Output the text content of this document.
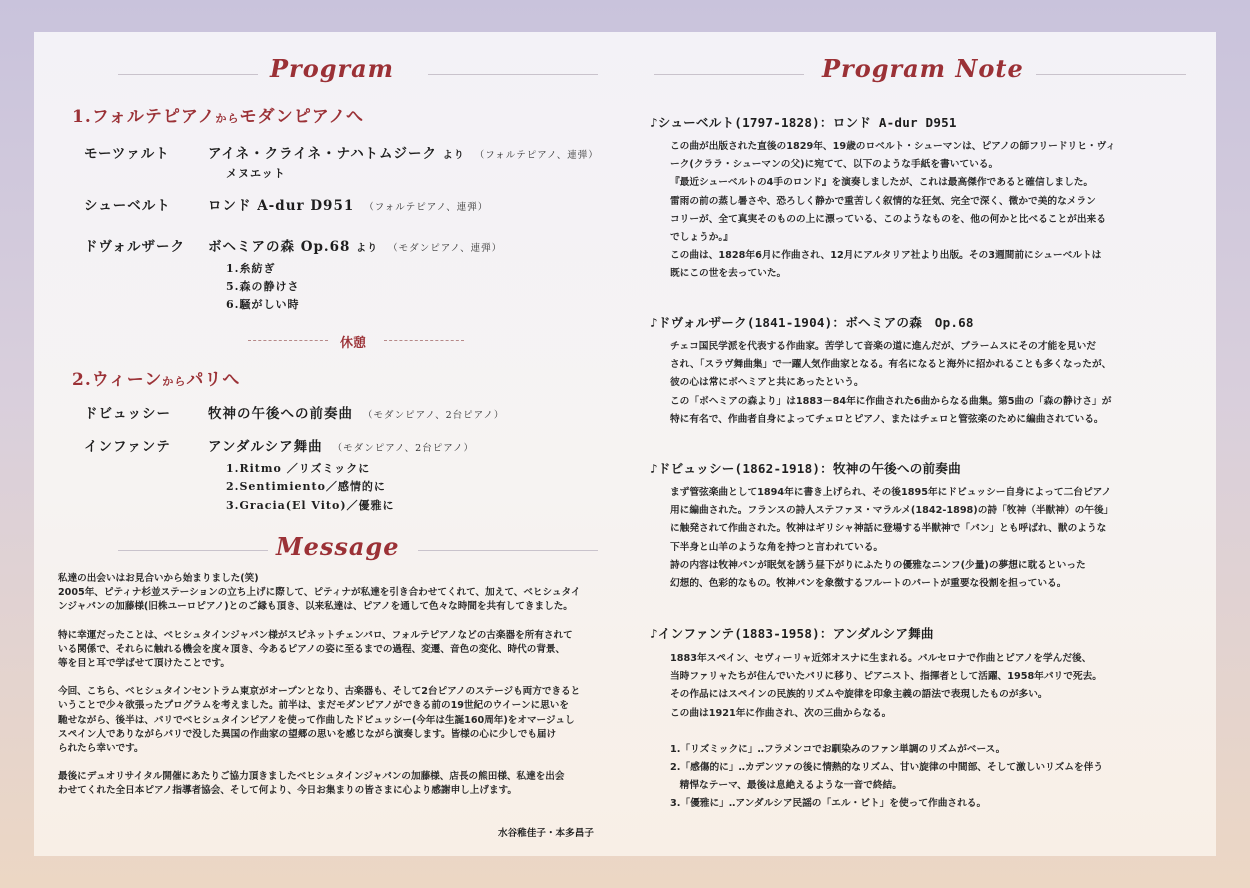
Program
1.フォルテピアノからモダンピアノへ
モーツァルト	アイネ・クライネ・ナハトムジーク より （フォルテピアノ、連弾）
メヌエット
シューベルト	ロンド A-dur D951 （フォルテピアノ、連弾）
ドヴォルザーク ボヘミアの森 Op.68 より （モダンピアノ、連弾）
1.糸紡ぎ
5.森の静けさ
6.騒がしい時
休憩
2.ウィーンからパリへ
ドビュッシー	牧神の午後への前奏曲 （モダンピアノ、2台ピアノ）
インファンテ	アンダルシア舞曲 （モダンピアノ、2台ピアノ）
1.Ritmo ／リズミックに
2.Sentimiento／感情的に
3.Gracia(El Vito)／優雅に
Message

私達の出会いはお見合いから始まりました(笑)
2005年、ピティナ杉並ステーションの立ち上げに際して、ピティナが私達を引き合わせてくれて、加えて、ベヒシュタイ
ンジャパンの加藤様(旧株ユーロピアノ)とのご縁も頂き、以来私達は、ピアノを通して色々な時間を共有してきました。

特に幸運だったことは、ベヒシュタインジャパン様がスピネットチェンバロ、フォルテピアノなどの古楽器を所有されて
いる関係で、それらに触れる機会を度々頂き、今あるピアノの姿に至るまでの過程、変遷、音色の変化、時代の背景、
等を目と耳で学ばせて頂けたことです。

今回、こちら、ベヒシュタインセントラム東京がオープンとなり、古楽器も、そして2台ピアノのステージも両方できると
いうことで少々欲張ったプログラムを考えました。前半は、まだモダンピアノができる前の19世紀のウイーンに思いを
馳せながら、後半は、パリでベヒシュタインピアノを使って作曲したドビュッシー(今年は生誕160周年)をオマージュし
スペイン人でありながらパリで没した異国の作曲家の望郷の思いを感じながら演奏します。皆様の心に少しでも届け
られたら幸いです。

最後にデュオリサイタル開催にあたりご協力頂きましたベヒシュタインジャパンの加藤様、店長の熊田様、私達を出会
わせてくれた全日本ピアノ指導者協会、そして何より、今日お集まりの皆さまに心より感謝申し上げます。

水谷稚佳子・本多昌子
Program Note
♪シューベルト(1797-1828)：ロンド A-dur D951
この曲が出版された直後の1829年、19歳のロベルト・シューマンは、ピアノの師フリードリヒ・ヴィ
ーク(クララ・シューマンの父)に宛てて、以下のような手紙を書いている。
『最近シューベルトの4手のロンド』を演奏しましたが、これは最高傑作であると確信しました。
雷雨の前の蒸し暑さや、恐ろしく静かで重苦しく叙情的な狂気、完全で深く、微かで美的なメラン
コリーが、全て真実そのものの上に漂っている、このようなものを、他の何かと比べることが出来る
でしょうか。』
この曲は、1828年6月に作曲され、12月にアルタリア社より出版。その3週間前にシューベルトは
既にこの世を去っていた。
♪ドヴォルザーク(1841-1904)：ボヘミアの森　Op.68
チェコ国民学派を代表する作曲家。苦学して音楽の道に進んだが、ブラームスにその才能を見いだ
され、「スラヴ舞曲集」で一躍人気作曲家となる。有名になると海外に招かれることも多くなったが、
彼の心は常にボヘミアと共にあったという。
この「ボヘミアの森より」は1883－84年に作曲された6曲からなる曲集。第5曲の「森の静けさ」が
特に有名で、作曲者自身によってチェロとピアノ、またはチェロと管弦楽のために編曲されている。
♪ドビュッシー(1862-1918)：牧神の午後への前奏曲
まず管弦楽曲として1894年に書き上げられ、その後1895年にドビュッシー自身によって二台ピアノ
用に編曲された。フランスの詩人ステファヌ・マラルメ(1842-1898)の詩「牧神（半獣神）の午後」
に触発されて作曲された。牧神はギリシャ神話に登場する半獣神で「パン」とも呼ばれ、獣のような
下半身と山羊のような角を持つと言われている。
詩の内容は牧神パンが眠気を誘う昼下がりにふたりの優雅なニンフ(少量)の夢想に耽るといった
幻想的、色彩的なもの。牧神パンを象徴するフルートのパートが重要な役割を担っている。
♪インファンテ(1883-1958)：アンダルシア舞曲
1883年スペイン、セヴィーリャ近郊オスナに生まれる。バルセロナで作曲とピアノを学んだ後、
当時ファリャたちが住んでいたパリに移り、ピアニスト、指揮者として活躍、1958年パリで死去。
その作品にはスペインの民族的リズムや旋律を印象主義の語法で表現したものが多い。
この曲は1921年に作曲され、次の三曲からなる。
1.「リズミックに」‥フラメンコでお馴染みのファン単調のリズムがベース。
2.「感傷的に」‥カデンツァの後に情熱的なリズム、甘い旋律の中間部、そして激しいリズムを伴う
　精悍なテーマ、最後は息絶えるような一音で終結。
3.「優雅に」‥アンダルシア民謡の「エル・ビト」を使って作曲される。
